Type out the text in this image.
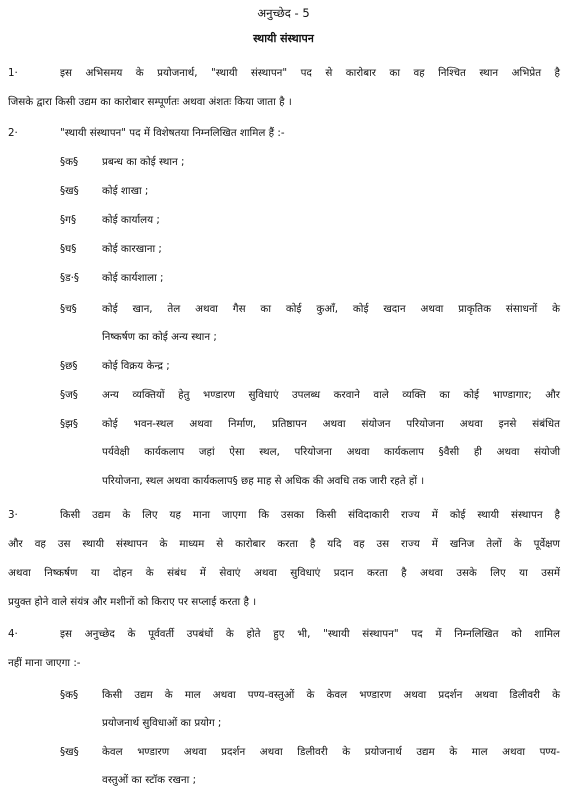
अनुच्छेद - 5
स्थायी संस्थापन
1·	इस अभिसमय के प्रयोजनार्थ, "स्थायी संस्थापन" पद से कारोबार का वह निश्चित स्थान अभिप्रेत है
जिसके द्वारा किसी उद्यम का कारोबार सम्पूर्णतः अथवा अंशतः किया जाता है ।
2·	"स्थायी संस्थापन" पद में विशेषतया निम्नलिखित शामिल हैं :-
§क§ प्रबन्ध का कोई स्थान ;
§ख§ कोई शाखा ;
§ग§	कोई कार्यालय ;
§घ§ कोई कारखाना ;
§ड·§ कोई कार्यशाला ;
§च§ कोई खान, तेल अथवा गैस का कोई कुआँ, कोई खदान अथवा प्राकृतिक संसाधनों के
निष्कर्षण का कोई अन्य स्थान ;
§छ§ कोई विक्रय केन्द्र ;
§ज§ अन्य व्यक्तियों हेतु भण्डारण सुविधाएं उपलब्ध करवाने वाले व्यक्ति का कोई भाण्डागार; और
§झ§ कोई भवन-स्थल अथवा निर्माण, प्रतिष्ठापन अथवा संयोजन परियोजना अथवा इनसे संबंधित
पर्यवेक्षी कार्यकलाप जहां ऐसा स्थल, परियोजना अथवा कार्यकलाप §वैसी ही अथवा संयोजी
परियोजना, स्थल अथवा कार्यकलाप§ छह माह से अधिक की अवधि तक जारी रहते हों ।
3·	किसी उद्यम के लिए यह माना जाएगा कि उसका किसी संविदाकारी राज्य में कोई स्थायी संस्थापन है
और वह उस स्थायी संस्थापन के माध्यम से कारोबार करता है यदि वह उस राज्य में खनिज तेलों के पूर्वेक्षण
अथवा निष्कर्षण या दोहन के संबंध में सेवाएं अथवा सुविधाएं प्रदान करता है अथवा उसके लिए या उसमें
प्रयुक्त होने वाले संयंत्र और मशीनों को किराए पर सप्लाई करता है ।
4·	इस अनुच्छेद के पूर्ववर्ती उपबंधों के होते हुए भी, "स्थायी संस्थापन" पद में निम्नलिखित को शामिल
नहीं माना जाएगा :-
§क§ किसी उद्यम के माल अथवा पण्य-वस्तुओं के केवल भण्डारण अथवा प्रदर्शन अथवा डिलीवरी के
प्रयोजनार्थ सुविधाओं का प्रयोग ;
§ख§ केवल भण्डारण अथवा प्रदर्शन अथवा डिलीवरी के प्रयोजनार्थ उद्यम के माल अथवा पण्य-
वस्तुओं का स्टॉक रखना ;
